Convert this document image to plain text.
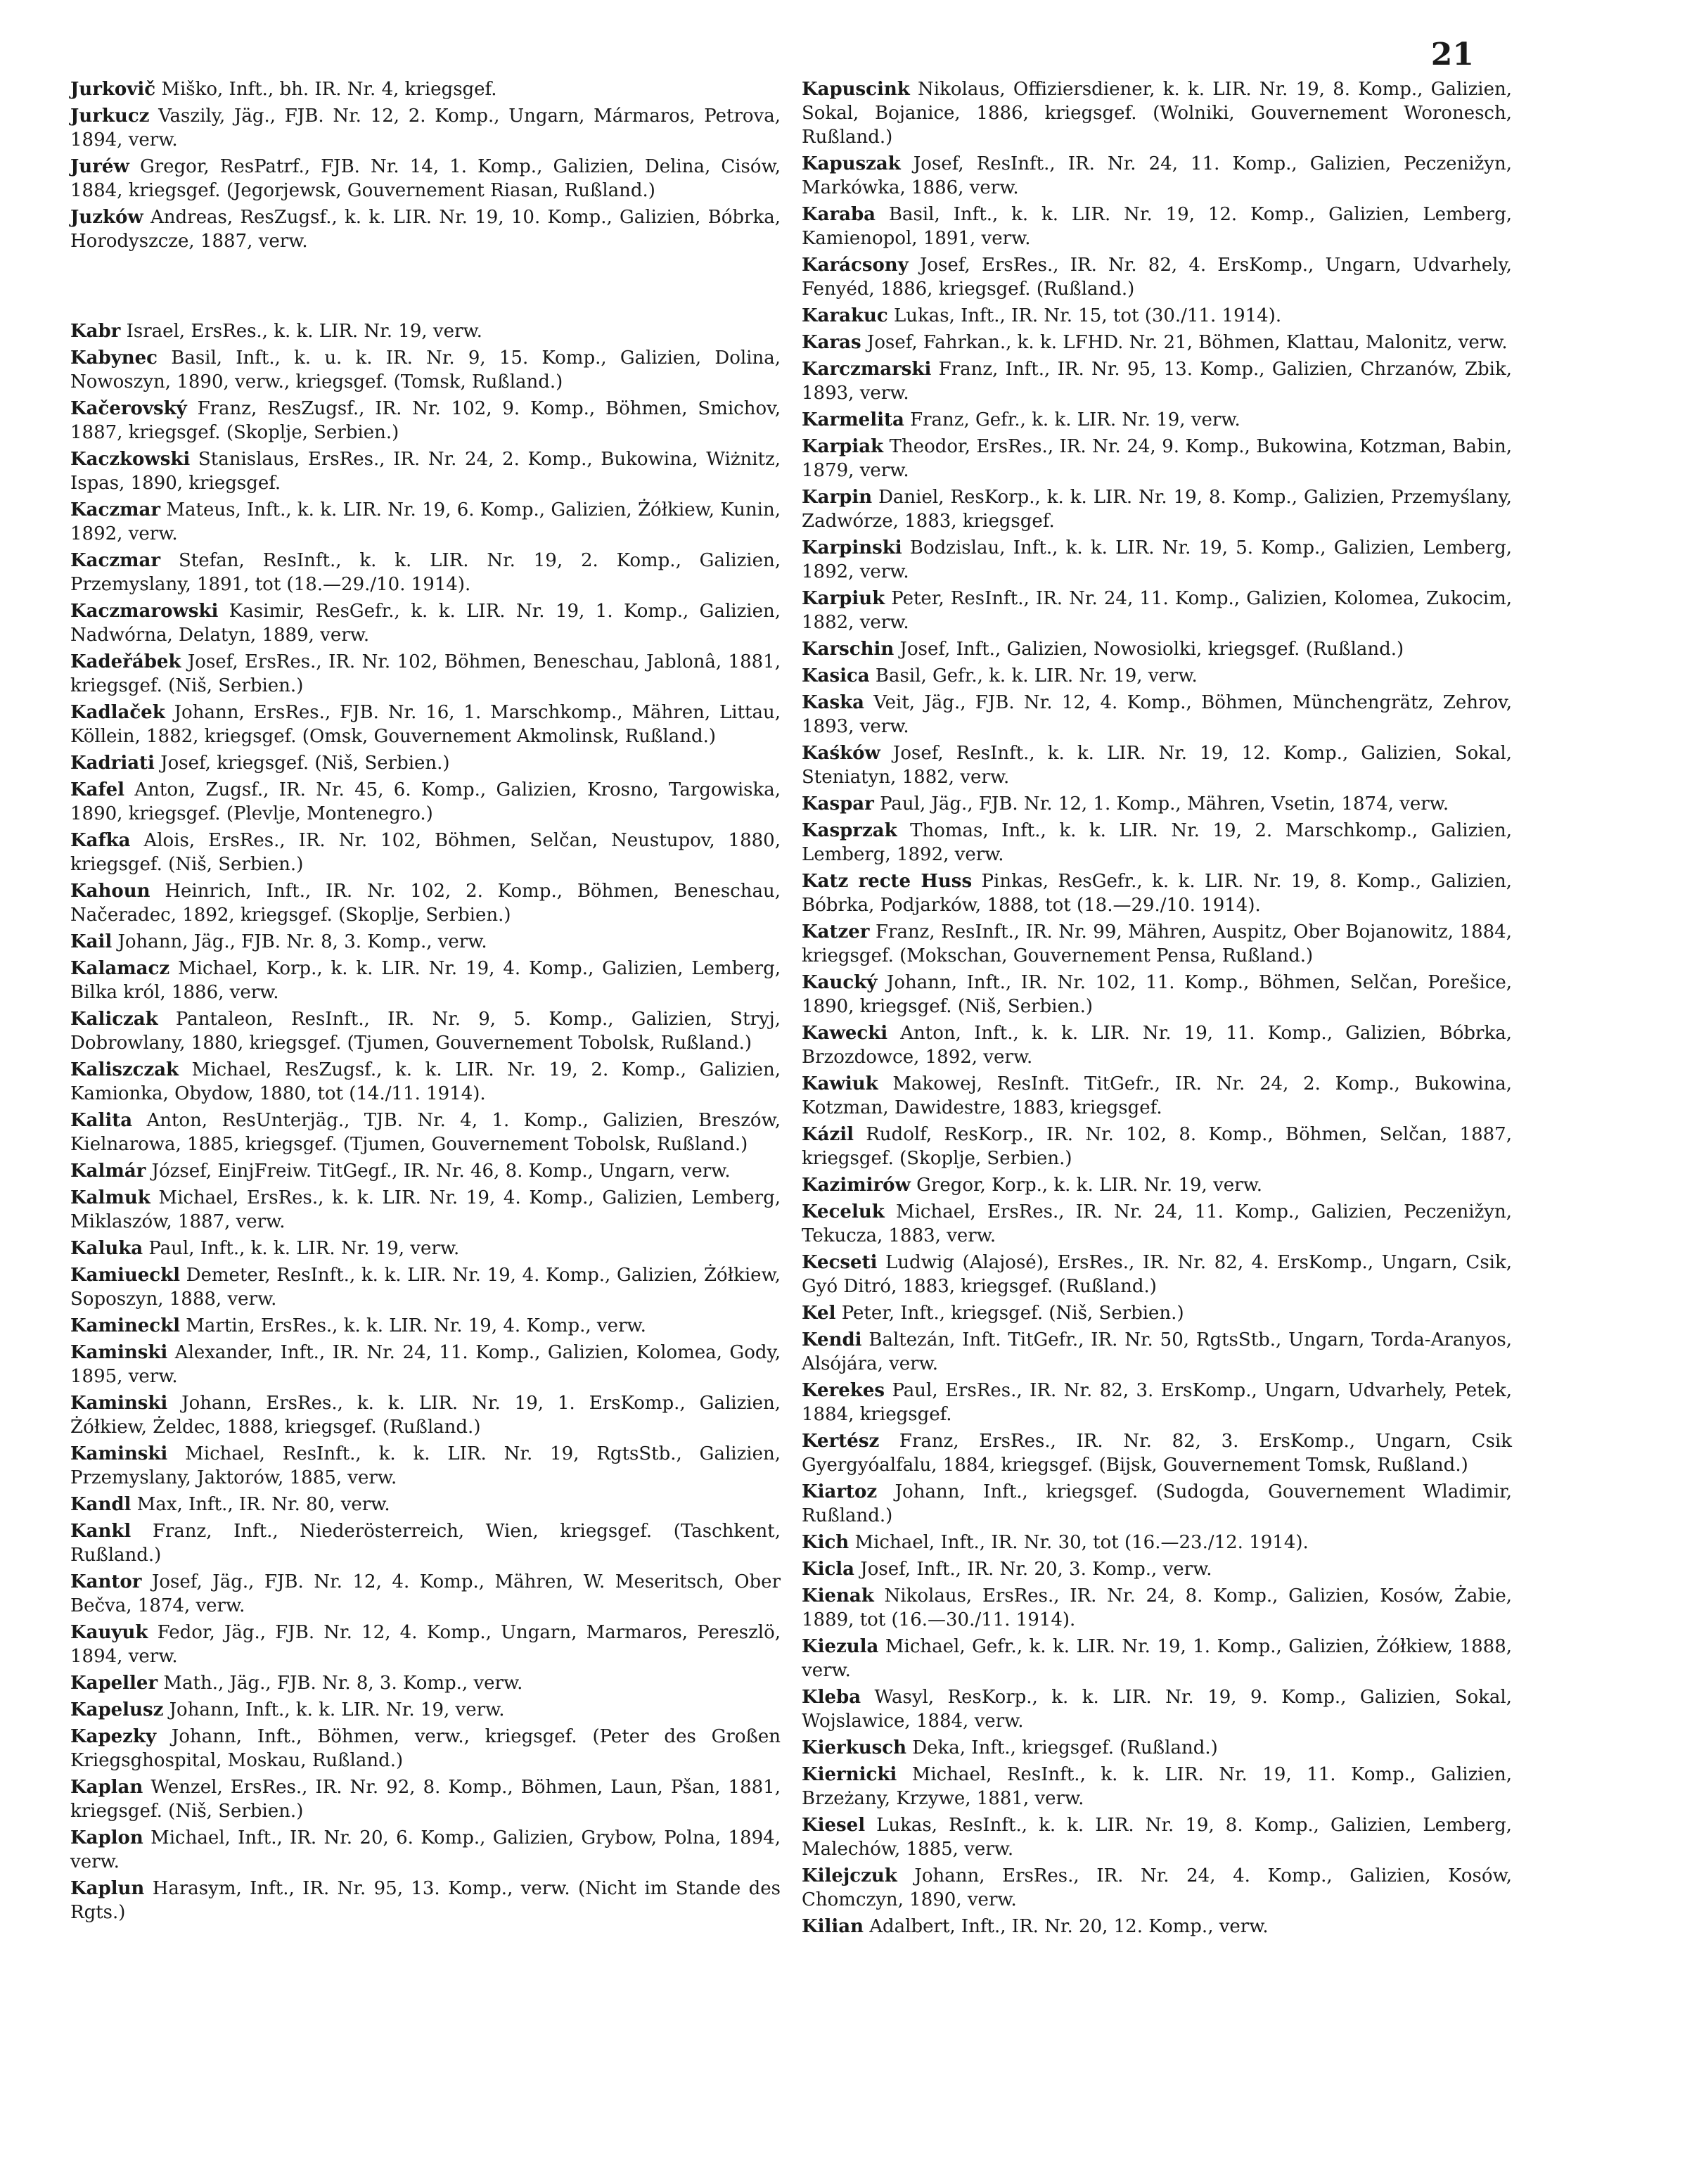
21

Jurkovič Miško, Inft., bh. IR. Nr. 4, kriegsgef.

Jurkucz Vaszily, Jäg., FJB. Nr. 12, 2. Komp., Ungarn, Mármaros, Petrova, 1894, verw.

Juréw Gregor, ResPatrf., FJB. Nr. 14, 1. Komp., Galizien, Delina, Cisów, 1884, kriegsgef. (Jegorjewsk, Gouvernement Riasan, Rußland.)

Juzków Andreas, ResZugsf., k. k. LIR. Nr. 19, 10. Komp., Galizien, Bóbrka, Horodyszcze, 1887, verw.

Kabr Israel, ErsRes., k. k. LIR. Nr. 19, verw.

Kabynec Basil, Inft., k. u. k. IR. Nr. 9, 15. Komp., Galizien, Dolina, Nowoszyn, 1890, verw., kriegsgef. (Tomsk, Rußland.)

Kačerovský Franz, ResZugsf., IR. Nr. 102, 9. Komp., Böhmen, Smichov, 1887, kriegsgef. (Skoplje, Serbien.)

Kaczkowski Stanislaus, ErsRes., IR. Nr. 24, 2. Komp., Bukowina, Wiżnitz, Ispas, 1890, kriegsgef.

Kaczmar Mateus, Inft., k. k. LIR. Nr. 19, 6. Komp., Galizien, Żółkiew, Kunin, 1892, verw.

Kaczmar Stefan, ResInft., k. k. LIR. Nr. 19, 2. Komp., Galizien, Przemyslany, 1891, tot (18.—29./10. 1914).

Kaczmarowski Kasimir, ResGefr., k. k. LIR. Nr. 19, 1. Komp., Galizien, Nadwórna, Delatyn, 1889, verw.

Kadeřábek Josef, ErsRes., IR. Nr. 102, Böhmen, Beneschau, Jablonâ, 1881, kriegsgef. (Niš, Serbien.)

Kadlaček Johann, ErsRes., FJB. Nr. 16, 1. Marschkomp., Mähren, Littau, Köllein, 1882, kriegsgef. (Omsk, Gouvernement Akmolinsk, Rußland.)

Kadriati Josef, kriegsgef. (Niš, Serbien.)

Kafel Anton, Zugsf., IR. Nr. 45, 6. Komp., Galizien, Krosno, Targowiska, 1890, kriegsgef. (Plevlje, Montenegro.)

Kafka Alois, ErsRes., IR. Nr. 102, Böhmen, Selčan, Neustupov, 1880, kriegsgef. (Niš, Serbien.)

Kahoun Heinrich, Inft., IR. Nr. 102, 2. Komp., Böhmen, Beneschau, Načeradec, 1892, kriegsgef. (Skoplje, Serbien.)

Kail Johann, Jäg., FJB. Nr. 8, 3. Komp., verw.

Kalamacz Michael, Korp., k. k. LIR. Nr. 19, 4. Komp., Galizien, Lemberg, Bilka król, 1886, verw.

Kaliczak Pantaleon, ResInft., IR. Nr. 9, 5. Komp., Galizien, Stryj, Dobrowlany, 1880, kriegsgef. (Tjumen, Gouvernement Tobolsk, Rußland.)

Kaliszczak Michael, ResZugsf., k. k. LIR. Nr. 19, 2. Komp., Galizien, Kamionka, Obydow, 1880, tot (14./11. 1914).

Kalita Anton, ResUnterjäg., TJB. Nr. 4, 1. Komp., Galizien, Breszów, Kielnarowa, 1885, kriegsgef. (Tjumen, Gouvernement Tobolsk, Rußland.)

Kalmár József, EinjFreiw. TitGegf., IR. Nr. 46, 8. Komp., Ungarn, verw.

Kalmuk Michael, ErsRes., k. k. LIR. Nr. 19, 4. Komp., Galizien, Lemberg, Miklaszów, 1887, verw.

Kaluka Paul, Inft., k. k. LIR. Nr. 19, verw.

Kamiueckl Demeter, ResInft., k. k. LIR. Nr. 19, 4. Komp., Galizien, Żółkiew, Soposzyn, 1888, verw.

Kamineckl Martin, ErsRes., k. k. LIR. Nr. 19, 4. Komp., verw.

Kaminski Alexander, Inft., IR. Nr. 24, 11. Komp., Galizien, Kolomea, Gody, 1895, verw.

Kaminski Johann, ErsRes., k. k. LIR. Nr. 19, 1. ErsKomp., Galizien, Żółkiew, Żeldec, 1888, kriegsgef. (Rußland.)

Kaminski Michael, ResInft., k. k. LIR. Nr. 19, RgtsStb., Galizien, Przemyslany, Jaktorów, 1885, verw.

Kandl Max, Inft., IR. Nr. 80, verw.

Kankl Franz, Inft., Niederösterreich, Wien, kriegsgef. (Taschkent, Rußland.)

Kantor Josef, Jäg., FJB. Nr. 12, 4. Komp., Mähren, W. Meseritsch, Ober Bečva, 1874, verw.

Kauyuk Fedor, Jäg., FJB. Nr. 12, 4. Komp., Ungarn, Marmaros, Pereszlö, 1894, verw.

Kapeller Math., Jäg., FJB. Nr. 8, 3. Komp., verw.

Kapelusz Johann, Inft., k. k. LIR. Nr. 19, verw.

Kapezky Johann, Inft., Böhmen, verw., kriegsgef. (Peter des Großen Kriegsghospital, Moskau, Rußland.)

Kaplan Wenzel, ErsRes., IR. Nr. 92, 8. Komp., Böhmen, Laun, Pšan, 1881, kriegsgef. (Niš, Serbien.)

Kaplon Michael, Inft., IR. Nr. 20, 6. Komp., Galizien, Grybow, Polna, 1894, verw.

Kaplun Harasym, Inft., IR. Nr. 95, 13. Komp., verw. (Nicht im Stande des Rgts.)

Kapuscink Nikolaus, Offiziersdiener, k. k. LIR. Nr. 19, 8. Komp., Galizien, Sokal, Bojanice, 1886, kriegsgef. (Wolniki, Gouvernement Woronesch, Rußland.)

Kapuszak Josef, ResInft., IR. Nr. 24, 11. Komp., Galizien, Peczenižyn, Markówka, 1886, verw.

Karaba Basil, Inft., k. k. LIR. Nr. 19, 12. Komp., Galizien, Lemberg, Kamienopol, 1891, verw.

Karácsony Josef, ErsRes., IR. Nr. 82, 4. ErsKomp., Ungarn, Udvarhely, Fenyéd, 1886, kriegsgef. (Rußland.)

Karakuc Lukas, Inft., IR. Nr. 15, tot (30./11. 1914).

Karas Josef, Fahrkan., k. k. LFHD. Nr. 21, Böhmen, Klattau, Malonitz, verw.

Karczmarski Franz, Inft., IR. Nr. 95, 13. Komp., Galizien, Chrzanów, Zbik, 1893, verw.

Karmelita Franz, Gefr., k. k. LIR. Nr. 19, verw.

Karpiak Theodor, ErsRes., IR. Nr. 24, 9. Komp., Bukowina, Kotzman, Babin, 1879, verw.

Karpin Daniel, ResKorp., k. k. LIR. Nr. 19, 8. Komp., Galizien, Przemyślany, Zadwórze, 1883, kriegsgef.

Karpinski Bodzislau, Inft., k. k. LIR. Nr. 19, 5. Komp., Galizien, Lemberg, 1892, verw.

Karpiuk Peter, ResInft., IR. Nr. 24, 11. Komp., Galizien, Kolomea, Zukocim, 1882, verw.

Karschin Josef, Inft., Galizien, Nowosiolki, kriegsgef. (Rußland.)

Kasica Basil, Gefr., k. k. LIR. Nr. 19, verw.

Kaska Veit, Jäg., FJB. Nr. 12, 4. Komp., Böhmen, Münchengrätz, Zehrov, 1893, verw.

Kaśków Josef, ResInft., k. k. LIR. Nr. 19, 12. Komp., Galizien, Sokal, Steniatyn, 1882, verw.

Kaspar Paul, Jäg., FJB. Nr. 12, 1. Komp., Mähren, Vsetin, 1874, verw.

Kasprzak Thomas, Inft., k. k. LIR. Nr. 19, 2. Marschkomp., Galizien, Lemberg, 1892, verw.

Katz recte Huss Pinkas, ResGefr., k. k. LIR. Nr. 19, 8. Komp., Galizien, Bóbrka, Podjarków, 1888, tot (18.—29./10. 1914).

Katzer Franz, ResInft., IR. Nr. 99, Mähren, Auspitz, Ober Bojanowitz, 1884, kriegsgef. (Mokschan, Gouvernement Pensa, Rußland.)

Kaucký Johann, Inft., IR. Nr. 102, 11. Komp., Böhmen, Selčan, Porešice, 1890, kriegsgef. (Niš, Serbien.)

Kawecki Anton, Inft., k. k. LIR. Nr. 19, 11. Komp., Galizien, Bóbrka, Brzozdowce, 1892, verw.

Kawiuk Makowej, ResInft. TitGefr., IR. Nr. 24, 2. Komp., Bukowina, Kotzman, Dawidestre, 1883, kriegsgef.

Kázil Rudolf, ResKorp., IR. Nr. 102, 8. Komp., Böhmen, Selčan, 1887, kriegsgef. (Skoplje, Serbien.)

Kazimirów Gregor, Korp., k. k. LIR. Nr. 19, verw.

Keceluk Michael, ErsRes., IR. Nr. 24, 11. Komp., Galizien, Peczenižyn, Tekucza, 1883, verw.

Kecseti Ludwig (Alajosé), ErsRes., IR. Nr. 82, 4. ErsKomp., Ungarn, Csik, Gyó Ditró, 1883, kriegsgef. (Rußland.)

Kel Peter, Inft., kriegsgef. (Niš, Serbien.)

Kendi Baltezán, Inft. TitGefr., IR. Nr. 50, RgtsStb., Ungarn, Torda-Aranyos, Alsójára, verw.

Kerekes Paul, ErsRes., IR. Nr. 82, 3. ErsKomp., Ungarn, Udvarhely, Petek, 1884, kriegsgef.

Kertész Franz, ErsRes., IR. Nr. 82, 3. ErsKomp., Ungarn, Csik Gyergyóalfalu, 1884, kriegsgef. (Bijsk, Gouvernement Tomsk, Rußland.)

Kiartoz Johann, Inft., kriegsgef. (Sudogda, Gouvernement Wladimir, Rußland.)

Kich Michael, Inft., IR. Nr. 30, tot (16.—23./12. 1914).

Kicla Josef, Inft., IR. Nr. 20, 3. Komp., verw.

Kienak Nikolaus, ErsRes., IR. Nr. 24, 8. Komp., Galizien, Kosów, Żabie, 1889, tot (16.—30./11. 1914).

Kiezula Michael, Gefr., k. k. LIR. Nr. 19, 1. Komp., Galizien, Żółkiew, 1888, verw.

Kleba Wasyl, ResKorp., k. k. LIR. Nr. 19, 9. Komp., Galizien, Sokal, Wojslawice, 1884, verw.

Kierkusch Deka, Inft., kriegsgef. (Rußland.)

Kiernicki Michael, ResInft., k. k. LIR. Nr. 19, 11. Komp., Galizien, Brzeżany, Krzywe, 1881, verw.

Kiesel Lukas, ResInft., k. k. LIR. Nr. 19, 8. Komp., Galizien, Lemberg, Malechów, 1885, verw.

Kilejczuk Johann, ErsRes., IR. Nr. 24, 4. Komp., Galizien, Kosów, Chomczyn, 1890, verw.

Kilian Adalbert, Inft., IR. Nr. 20, 12. Komp., verw.
